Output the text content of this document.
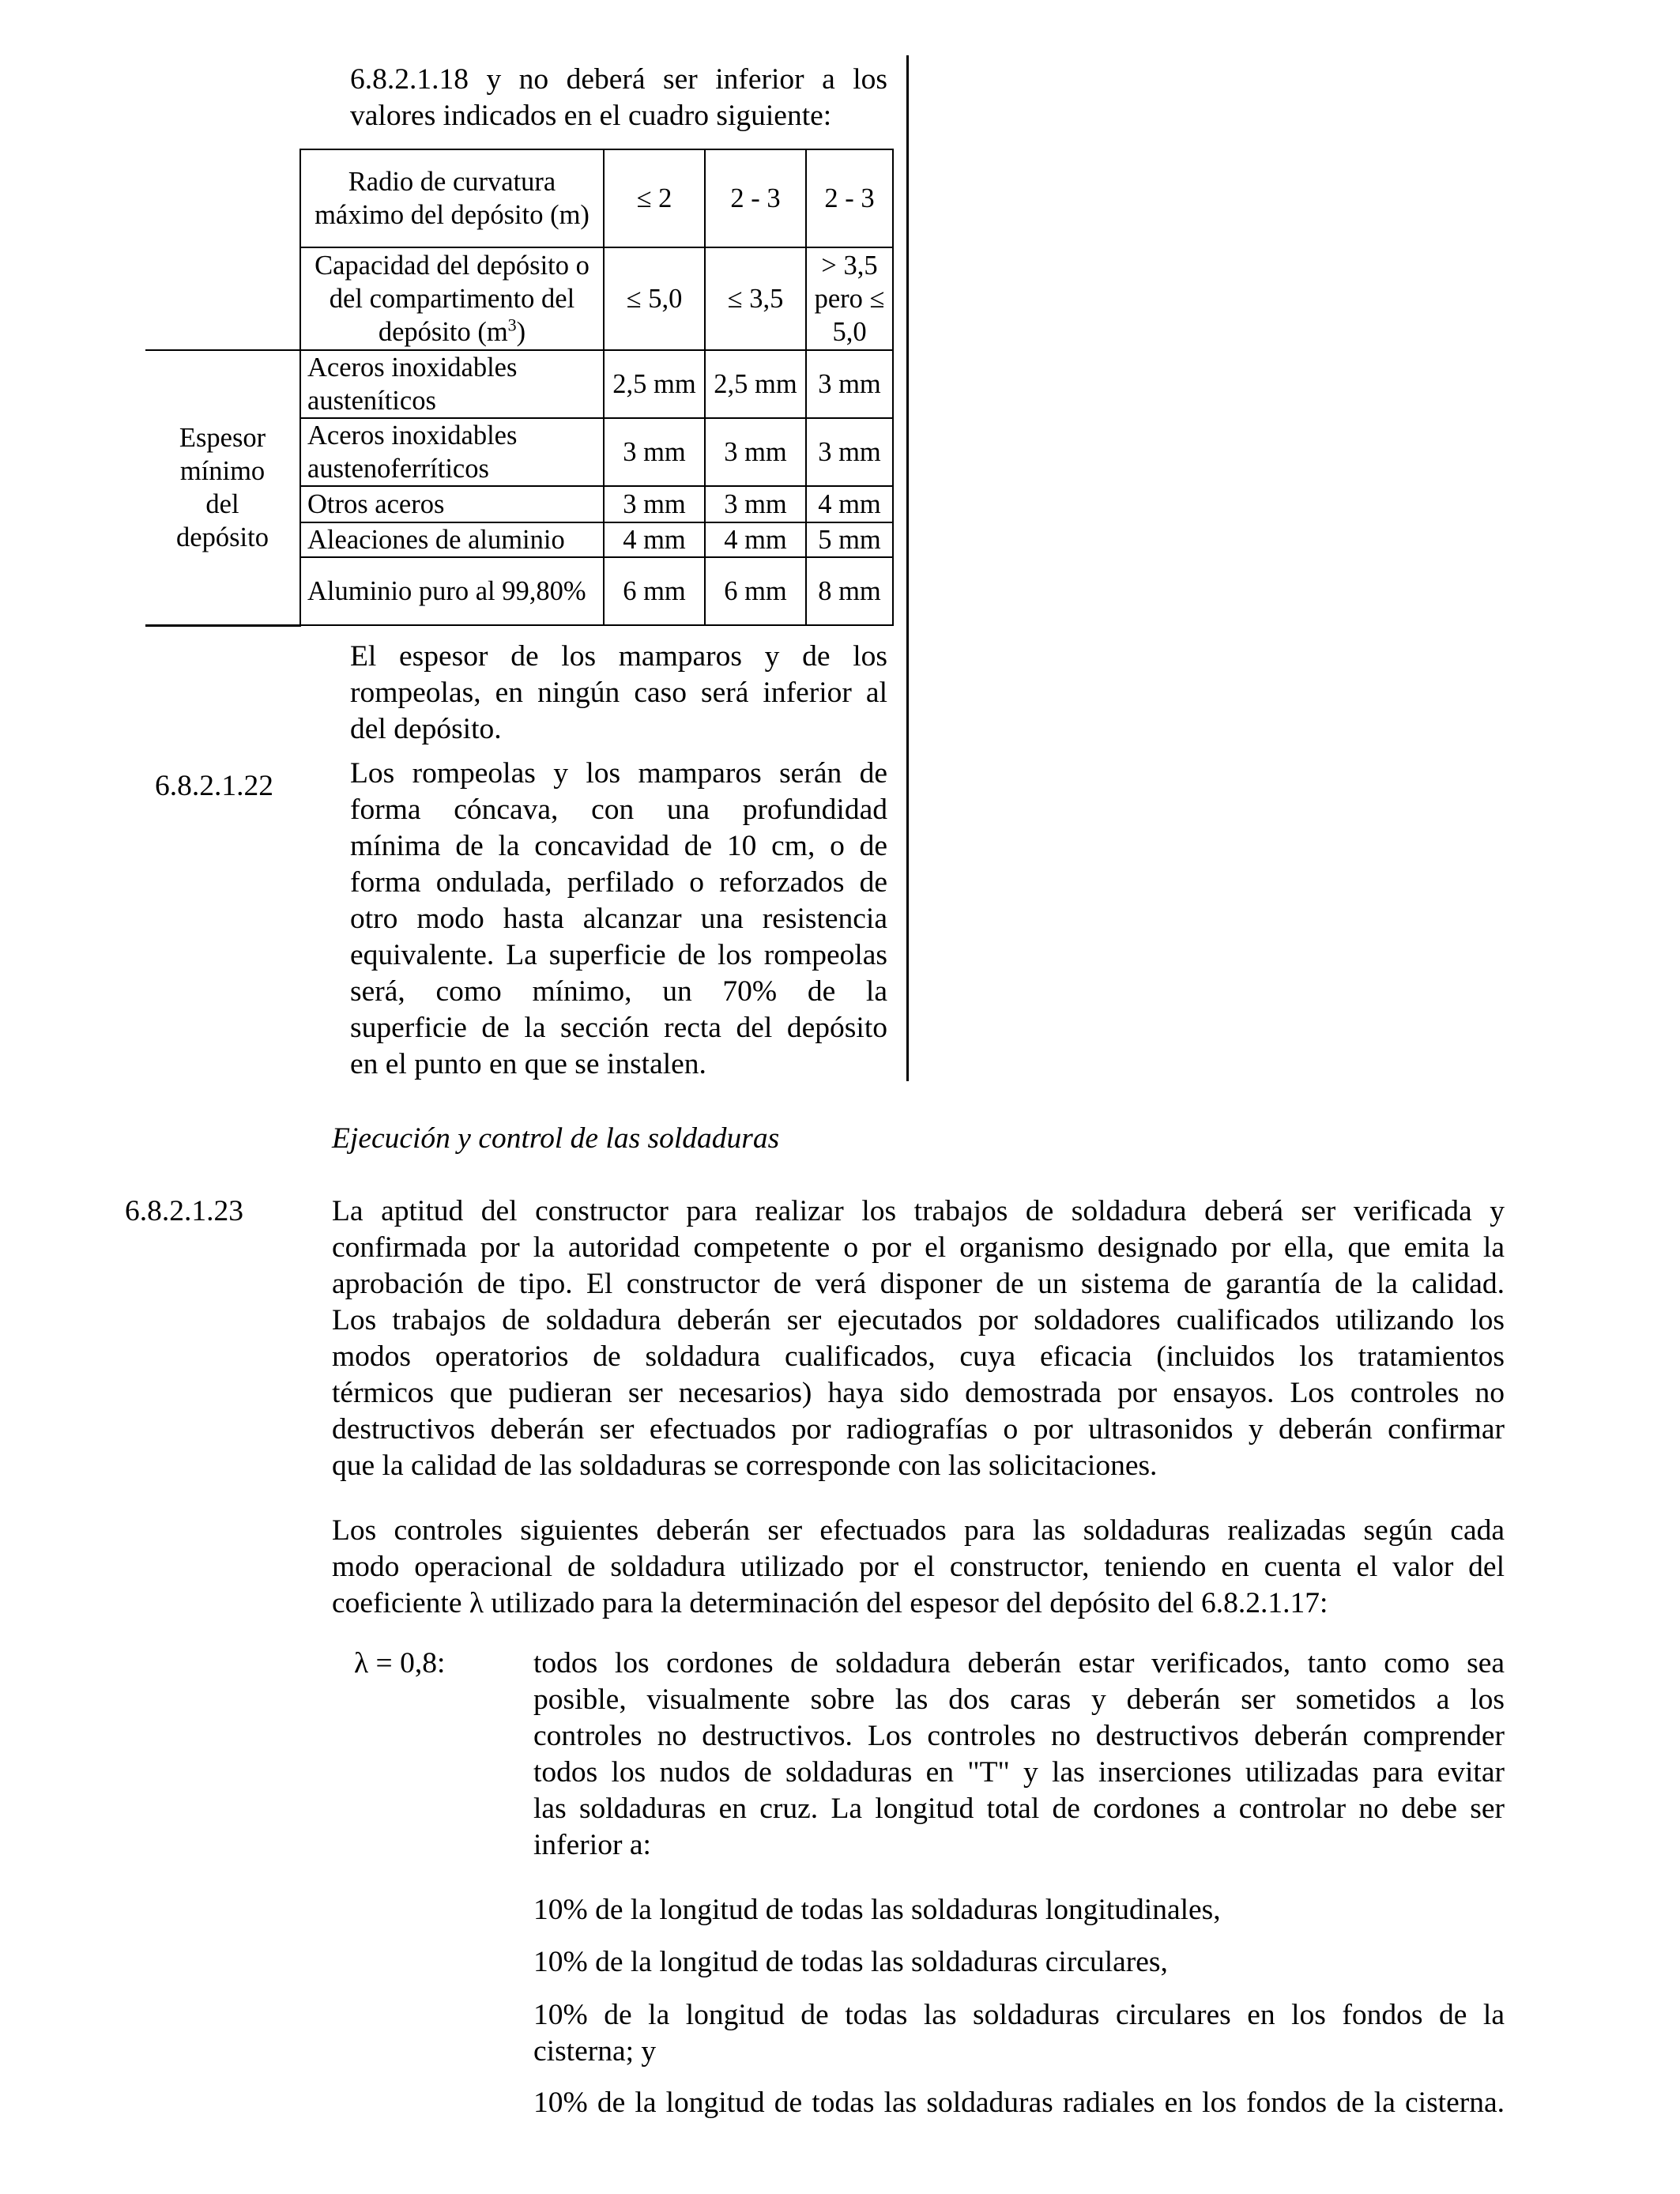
6.8.2.1.18 y no deberá ser inferior a los
valores indicados en el cuadro siguiente:
	Radio de curvatura máximo del depósito (m)	≤ 2	2 - 3	2 - 3
	Capacidad del depósito o del compartimento del depósito $(m^3)$	≤ 5,0	≤ 3,5	> 3,5 pero ≤ 5,0
Espesor mínimo del depósito	Aceros inoxidables austeníticos	2,5 mm	2,5 mm	3 mm
	Aceros inoxidables austenoferríticos	3 mm	3 mm	3 mm
	Otros aceros	3 mm	3 mm	4 mm
	Aleaciones de aluminio	4 mm	4 mm	5 mm
	Aluminio puro al 99,80%	6 mm	6 mm	8 mm
El espesor de los mamparos y de los
rompeolas, en ningún caso será inferior al
del depósito.
6.8.2.1.22	Los rompeolas y los mamparos serán de
forma cóncava, con una profundidad
mínima de la concavidad de 10 cm, o de
forma ondulada, perfilado o reforzados de
otro modo hasta alcanzar una resistencia
equivalente. La superficie de los rompeolas
será, como mínimo, un 70% de la
superficie de la sección recta del depósito
en el punto en que se instalen.
Ejecución y control de las soldaduras
6.8.2.1.23	La aptitud del constructor para realizar los trabajos de soldadura deberá ser verificada y
confirmada por la autoridad competente o por el organismo designado por ella, que emita la
aprobación de tipo. El constructor de verá disponer de un sistema de garantía de la calidad.
Los trabajos de soldadura deberán ser ejecutados por soldadores cualificados utilizando los
modos operatorios de soldadura cualificados, cuya eficacia (incluidos los tratamientos
térmicos que pudieran ser necesarios) haya sido demostrada por ensayos. Los controles no
destructivos deberán ser efectuados por radiografías o por ultrasonidos y deberán confirmar
que la calidad de las soldaduras se corresponde con las solicitaciones.
Los controles siguientes deberán ser efectuados para las soldaduras realizadas según cada
modo operacional de soldadura utilizado por el constructor, teniendo en cuenta el valor del
coeficiente λ utilizado para la determinación del espesor del depósito del 6.8.2.1.17:
λ = 0,8:	todos los cordones de soldadura deberán estar verificados, tanto como sea
posible, visualmente sobre las dos caras y deberán ser sometidos a los
controles no destructivos. Los controles no destructivos deberán comprender
todos los nudos de soldaduras en "T" y las inserciones utilizadas para evitar
las soldaduras en cruz. La longitud total de cordones a controlar no debe ser
inferior a:
10% de la longitud de todas las soldaduras longitudinales,
10% de la longitud de todas las soldaduras circulares,
10% de la longitud de todas las soldaduras circulares en los fondos de la
cisterna; y
10% de la longitud de todas las soldaduras radiales en los fondos de la cisterna.
